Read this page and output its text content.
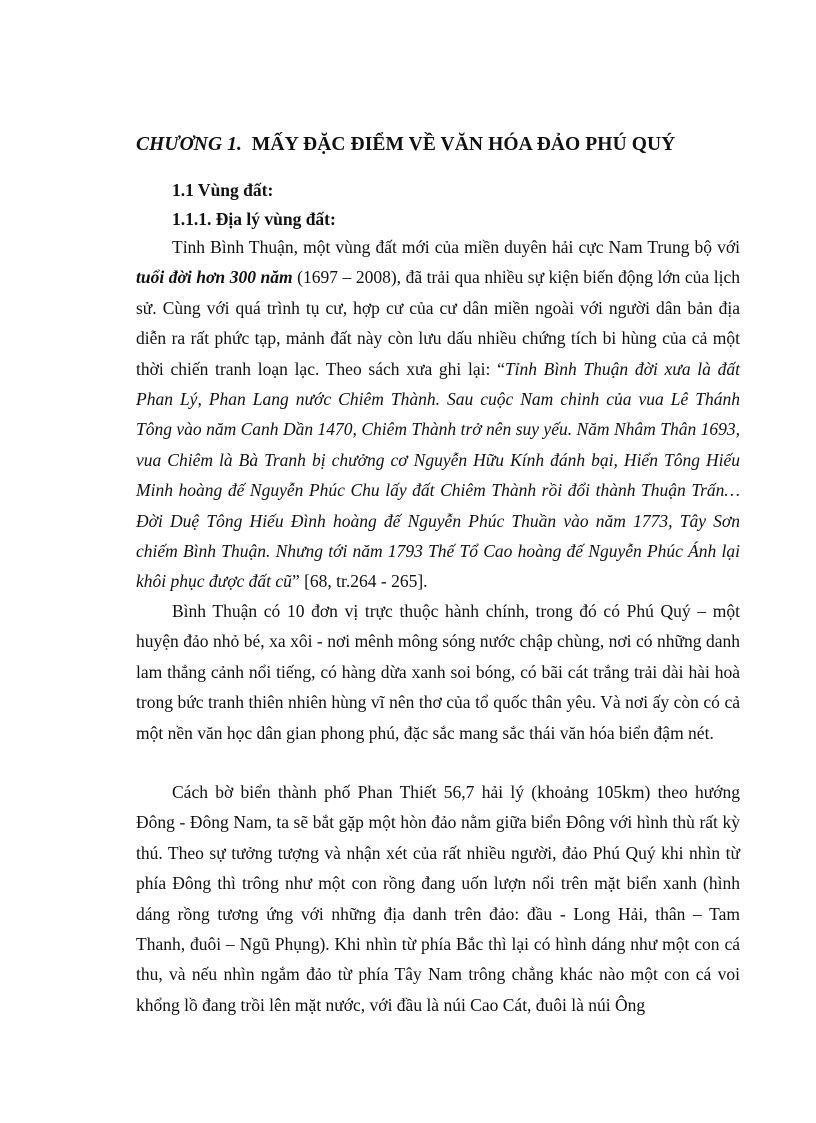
CHƯƠNG 1. MẤY ĐẶC ĐIỂM VỀ VĂN HÓA ĐẢO PHÚ QUÝ
1.1 Vùng đất:
1.1.1. Địa lý vùng đất:

Tỉnh Bình Thuận, một vùng đất mới của miền duyên hải cực Nam Trung bộ với tuổi đời hơn 300 năm (1697 – 2008), đã trải qua nhiều sự kiện biến động lớn của lịch sử. Cùng với quá trình tụ cư, hợp cư của cư dân miền ngoài với người dân bản địa diễn ra rất phức tạp, mảnh đất này còn lưu dấu nhiều chứng tích bi hùng của cả một thời chiến tranh loạn lạc. Theo sách xưa ghi lại: “Tỉnh Bình Thuận đời xưa là đất Phan Lý, Phan Lang nước Chiêm Thành. Sau cuộc Nam chinh của vua Lê Thánh Tông vào năm Canh Dần 1470, Chiêm Thành trở nên suy yếu. Năm Nhâm Thân 1693, vua Chiêm là Bà Tranh bị chưởng cơ Nguyễn Hữu Kính đánh bại, Hiển Tông Hiếu Minh hoàng đế Nguyễn Phúc Chu lấy đất Chiêm Thành rồi đổi thành Thuận Trấn…Đời Duệ Tông Hiếu Đình hoàng đế Nguyễn Phúc Thuần vào năm 1773, Tây Sơn chiếm Bình Thuận. Nhưng tới năm 1793 Thế Tổ Cao hoàng đế Nguyễn Phúc Ánh lại khôi phục được đất cũ” [68, tr.264 - 265].

Bình Thuận có 10 đơn vị trực thuộc hành chính, trong đó có Phú Quý – một huyện đảo nhỏ bé, xa xôi - nơi mênh mông sóng nước chập chùng, nơi có những danh lam thắng cảnh nổi tiếng, có hàng dừa xanh soi bóng, có bãi cát trắng trải dài hài hoà trong bức tranh thiên nhiên hùng vĩ nên thơ của tổ quốc thân yêu. Và nơi ấy còn có cả một nền văn học dân gian phong phú, đặc sắc mang sắc thái văn hóa biển đậm nét.

Cách bờ biển thành phố Phan Thiết 56,7 hải lý (khoảng 105km) theo hướng Đông - Đông Nam, ta sẽ bắt gặp một hòn đảo nằm giữa biển Đông với hình thù rất kỳ thú. Theo sự tưởng tượng và nhận xét của rất nhiều người, đảo Phú Quý khi nhìn từ phía Đông thì trông như một con rồng đang uốn lượn nổi trên mặt biển xanh (hình dáng rồng tương ứng với những địa danh trên đảo: đầu - Long Hải, thân – Tam Thanh, đuôi – Ngũ Phụng). Khi nhìn từ phía Bắc thì lại có hình dáng như một con cá thu, và nếu nhìn ngắm đảo từ phía Tây Nam trông chẳng khác nào một con cá voi khổng lồ đang trồi lên mặt nước, với đầu là núi Cao Cát, đuôi là núi Ông
